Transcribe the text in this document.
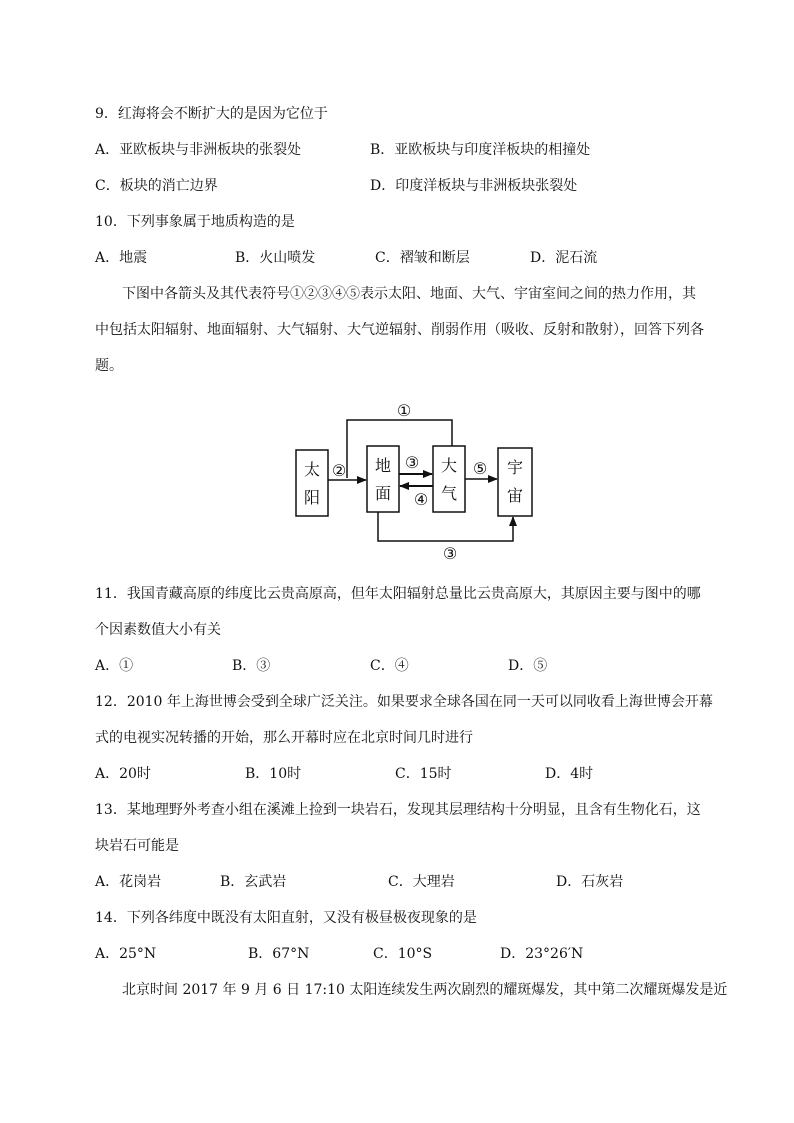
9．红海将会不断扩大的是因为它位于
A．亚欧板块与非洲板块的张裂处	B．亚欧板块与印度洋板块的相撞处
C．板块的消亡边界	D．印度洋板块与非洲板块张裂处
10．下列事象属于地质构造的是
A．地震	B．火山喷发	C．褶皱和断层	D．泥石流
下图中各箭头及其代表符号①②③④⑤表示太阳、地面、大气、宇宙室间之间的热力作用，其
中包括太阳辐射、地面辐射、大气辐射、大气逆辐射、削弱作用（吸收、反射和散射），回答下列各
题。
太
阳
地
面
大
气
宇
宙
①
②	③
④
⑤
③
11．我国青藏高原的纬度比云贵高原高，但年太阳辐射总量比云贵高原大，其原因主要与图中的哪
个因素数值大小有关
A．①	B．③	C．④	D．⑤
12．2010 年上海世博会受到全球广泛关注。如果要求全球各国在同一天可以同收看上海世博会开幕
式的电视实况转播的开始，那么开幕时应在北京时间几时进行
A．20时	B．10时	C．15时	D．4时
13．某地理野外考查小组在溪滩上捡到一块岩石，发现其层理结构十分明显，且含有生物化石，这
块岩石可能是
A．花岗岩	B．玄武岩	C．大理岩	D．石灰岩
14．下列各纬度中既没有太阳直射，又没有极昼极夜现象的是
A．25°N	B．67°N	C．10°S	D．23°26′N
北京时间 2017 年 9 月 6 日 17:10 太阳连续发生两次剧烈的耀斑爆发，其中第二次耀斑爆发是近
